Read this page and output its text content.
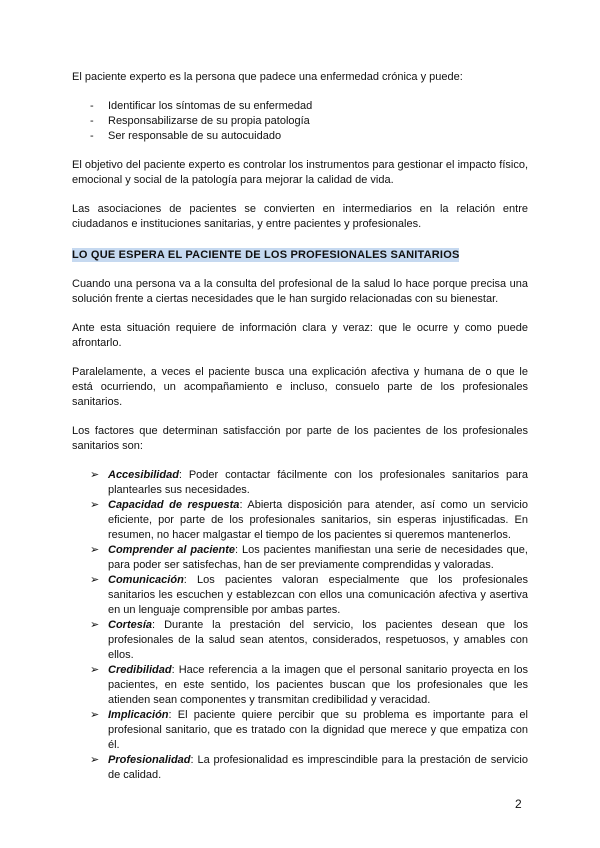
El paciente experto es la persona que padece una enfermedad crónica y puede:

- Identificar los síntomas de su enfermedad
- Responsabilizarse de su propia patología
- Ser responsable de su autocuidado

El objetivo del paciente experto es controlar los instrumentos para gestionar el impacto físico, emocional y social de la patología para mejorar la calidad de vida.

Las asociaciones de pacientes se convierten en intermediarios en la relación entre ciudadanos e instituciones sanitarias, y entre pacientes y profesionales.

LO QUE ESPERA EL PACIENTE DE LOS PROFESIONALES SANITARIOS

Cuando una persona va a la consulta del profesional de la salud lo hace porque precisa una solución frente a ciertas necesidades que le han surgido relacionadas con su bienestar.

Ante esta situación requiere de información clara y veraz: que le ocurre y como puede afrontarlo.

Paralelamente, a veces el paciente busca una explicación afectiva y humana de o que le está ocurriendo, un acompañamiento e incluso, consuelo parte de los profesionales sanitarios.

Los factores que determinan satisfacción por parte de los pacientes de los profesionales sanitarios son:

➢ Accesibilidad: Poder contactar fácilmente con los profesionales sanitarios para plantearles sus necesidades.
➢ Capacidad de respuesta: Abierta disposición para atender, así como un servicio eficiente, por parte de los profesionales sanitarios, sin esperas injustificadas. En resumen, no hacer malgastar el tiempo de los pacientes si queremos mantenerlos.
➢ Comprender al paciente: Los pacientes manifiestan una serie de necesidades que, para poder ser satisfechas, han de ser previamente comprendidas y valoradas.
➢ Comunicación: Los pacientes valoran especialmente que los profesionales sanitarios les escuchen y establezcan con ellos una comunicación afectiva y asertiva en un lenguaje comprensible por ambas partes.
➢ Cortesía: Durante la prestación del servicio, los pacientes desean que los profesionales de la salud sean atentos, considerados, respetuosos, y amables con ellos.
➢ Credibilidad: Hace referencia a la imagen que el personal sanitario proyecta en los pacientes, en este sentido, los pacientes buscan que los profesionales que les atienden sean componentes y transmitan credibilidad y veracidad.
➢ Implicación: El paciente quiere percibir que su problema es importante para el profesional sanitario, que es tratado con la dignidad que merece y que empatiza con él.
➢ Profesionalidad: La profesionalidad es imprescindible para la prestación de servicio de calidad.
2
